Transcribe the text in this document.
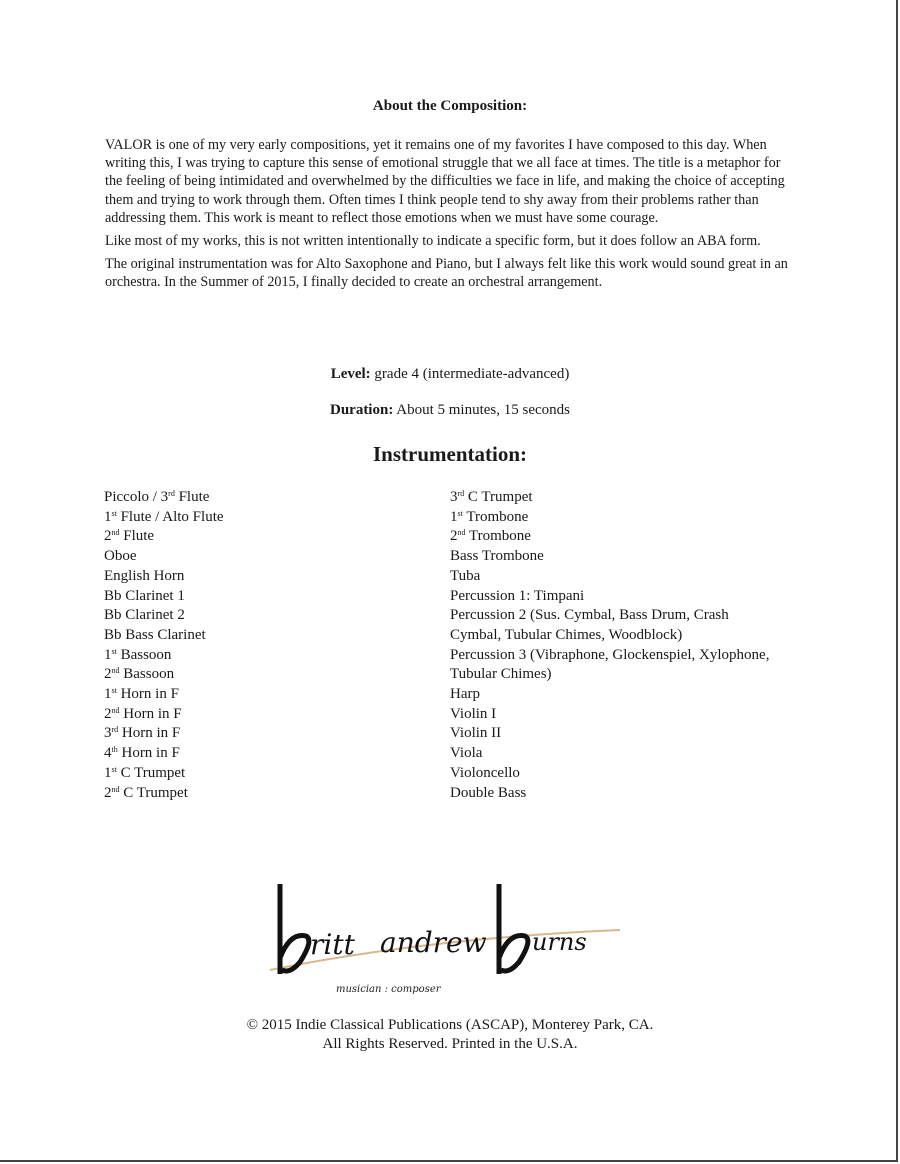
About the Composition:

VALOR is one of my very early compositions, yet it remains one of my favorites I have composed to this day. When writing this, I was trying to capture this sense of emotional struggle that we all face at times. The title is a metaphor for the feeling of being intimidated and overwhelmed by the difficulties we face in life, and making the choice of accepting them and trying to work through them. Often times I think people tend to shy away from their problems rather than addressing them. This work is meant to reflect those emotions when we must have some courage.

Like most of my works, this is not written intentionally to indicate a specific form, but it does follow an ABA form.

The original instrumentation was for Alto Saxophone and Piano, but I always felt like this work would sound great in an orchestra. In the Summer of 2015, I finally decided to create an orchestral arrangement.

Level: grade 4 (intermediate-advanced)
Duration: About 5 minutes, 15 seconds
Instrumentation:
Piccolo / 3rd Flute
1st Flute / Alto Flute
2nd Flute
Oboe
English Horn
Bb Clarinet 1
Bb Clarinet 2
Bb Bass Clarinet
1st Bassoon
2nd Bassoon
1st Horn in F
2nd Horn in F
3rd Horn in F
4th Horn in F
1st C Trumpet
2nd C Trumpet
3rd C Trumpet
1st Trombone
2nd Trombone
Bass Trombone
Tuba
Percussion 1: Timpani
Percussion 2 (Sus. Cymbal, Bass Drum, Crash Cymbal, Tubular Chimes, Woodblock)
Percussion 3 (Vibraphone, Glockenspiel, Xylophone, Tubular Chimes)
Harp
Violin I
Violin II
Viola
Violoncello
Double Bass
ritt andrew urns
musician : composer
© 2015 Indie Classical Publications (ASCAP), Monterey Park, CA.
All Rights Reserved. Printed in the U.S.A.
